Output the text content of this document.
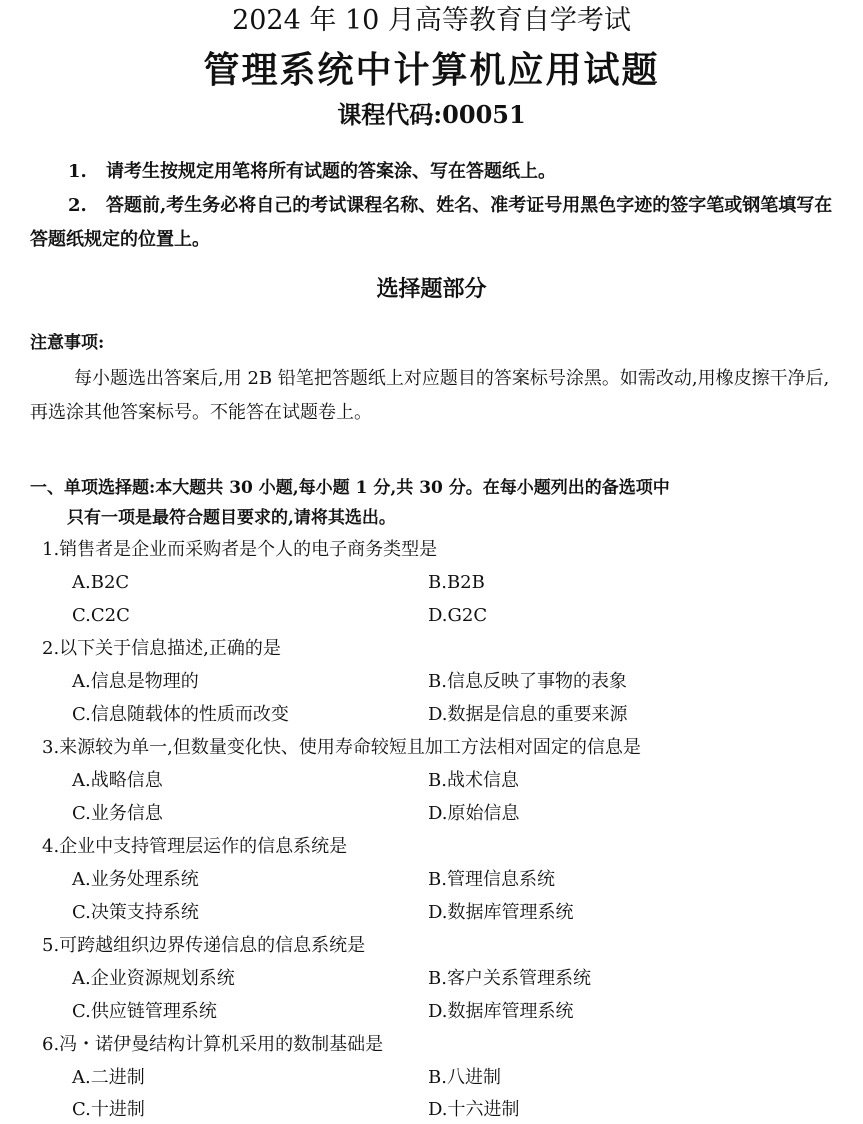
2024 年 10 月高等教育自学考试
管理系统中计算机应用试题
课程代码:00051

1. 请考生按规定用笔将所有试题的答案涂、写在答题纸上。

2. 答题前,考生务必将自己的考试课程名称、姓名、准考证号用黑色字迹的签字笔或钢笔填写在答题纸规定的位置上。

选择题部分
注意事项:

每小题选出答案后,用 2B 铅笔把答题纸上对应题目的答案标号涂黑。如需改动,用橡皮擦干净后,再选涂其他答案标号。不能答在试题卷上。

一、单项选择题:本大题共 30 小题,每小题 1 分,共 30 分。在每小题列出的备选项中
只有一项是最符合题目要求的,请将其选出。
1.销售者是企业而采购者是个人的电子商务类型是
A.B2C	B.B2B
C.C2C	D.G2C
2.以下关于信息描述,正确的是
A.信息是物理的	B.信息反映了事物的表象
C.信息随载体的性质而改变	D.数据是信息的重要来源
3.来源较为单一,但数量变化快、使用寿命较短且加工方法相对固定的信息是
A.战略信息	B.战术信息
C.业务信息	D.原始信息
4.企业中支持管理层运作的信息系统是
A.业务处理系统	B.管理信息系统
C.决策支持系统	D.数据库管理系统
5.可跨越组织边界传递信息的信息系统是
A.企业资源规划系统	B.客户关系管理系统
C.供应链管理系统	D.数据库管理系统
6.冯・诺伊曼结构计算机采用的数制基础是
A.二进制	B.八进制
C.十进制	D.十六进制
